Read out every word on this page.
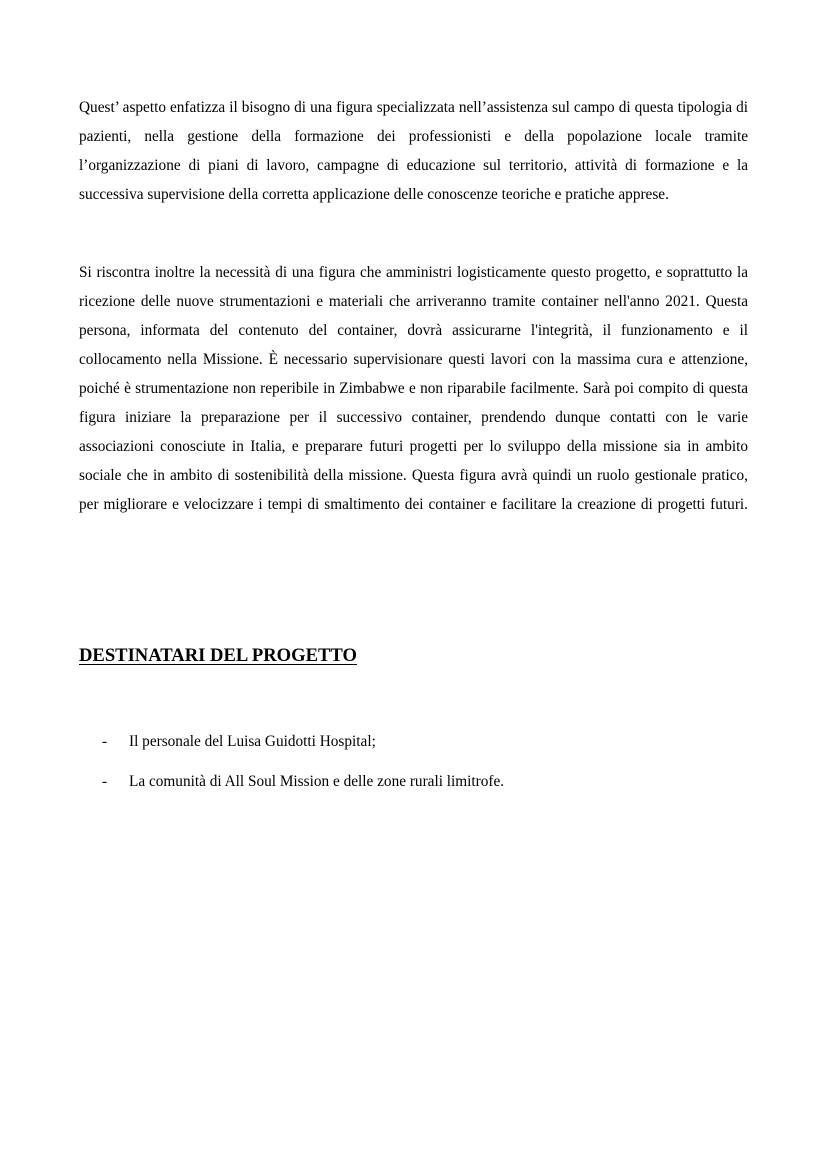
Quest’ aspetto enfatizza il bisogno di una figura specializzata nell’assistenza sul campo di questa tipologia di pazienti, nella gestione della formazione dei professionisti e della popolazione locale tramite l’organizzazione di piani di lavoro, campagne di educazione sul territorio, attività di formazione e la successiva supervisione della corretta applicazione delle conoscenze teoriche e pratiche apprese.

Si riscontra inoltre la necessità di una figura che amministri logisticamente questo progetto, e soprattutto la ricezione delle nuove strumentazioni e materiali che arriveranno tramite container nell'anno 2021. Questa persona, informata del contenuto del container, dovrà assicurarne l'integrità, il funzionamento e il collocamento nella Missione. È necessario supervisionare questi lavori con la massima cura e attenzione, poiché è strumentazione non reperibile in Zimbabwe e non riparabile facilmente. Sarà poi compito di questa figura iniziare la preparazione per il successivo container, prendendo dunque contatti con le varie associazioni conosciute in Italia, e preparare futuri progetti per lo sviluppo della missione sia in ambito sociale che in ambito di sostenibilità della missione. Questa figura avrà quindi un ruolo gestionale pratico, per migliorare e velocizzare i tempi di smaltimento dei container e facilitare la creazione di progetti futuri.

DESTINATARI DEL PROGETTO
- Il personale del Luisa Guidotti Hospital;
- La comunità di All Soul Mission e delle zone rurali limitrofe.
